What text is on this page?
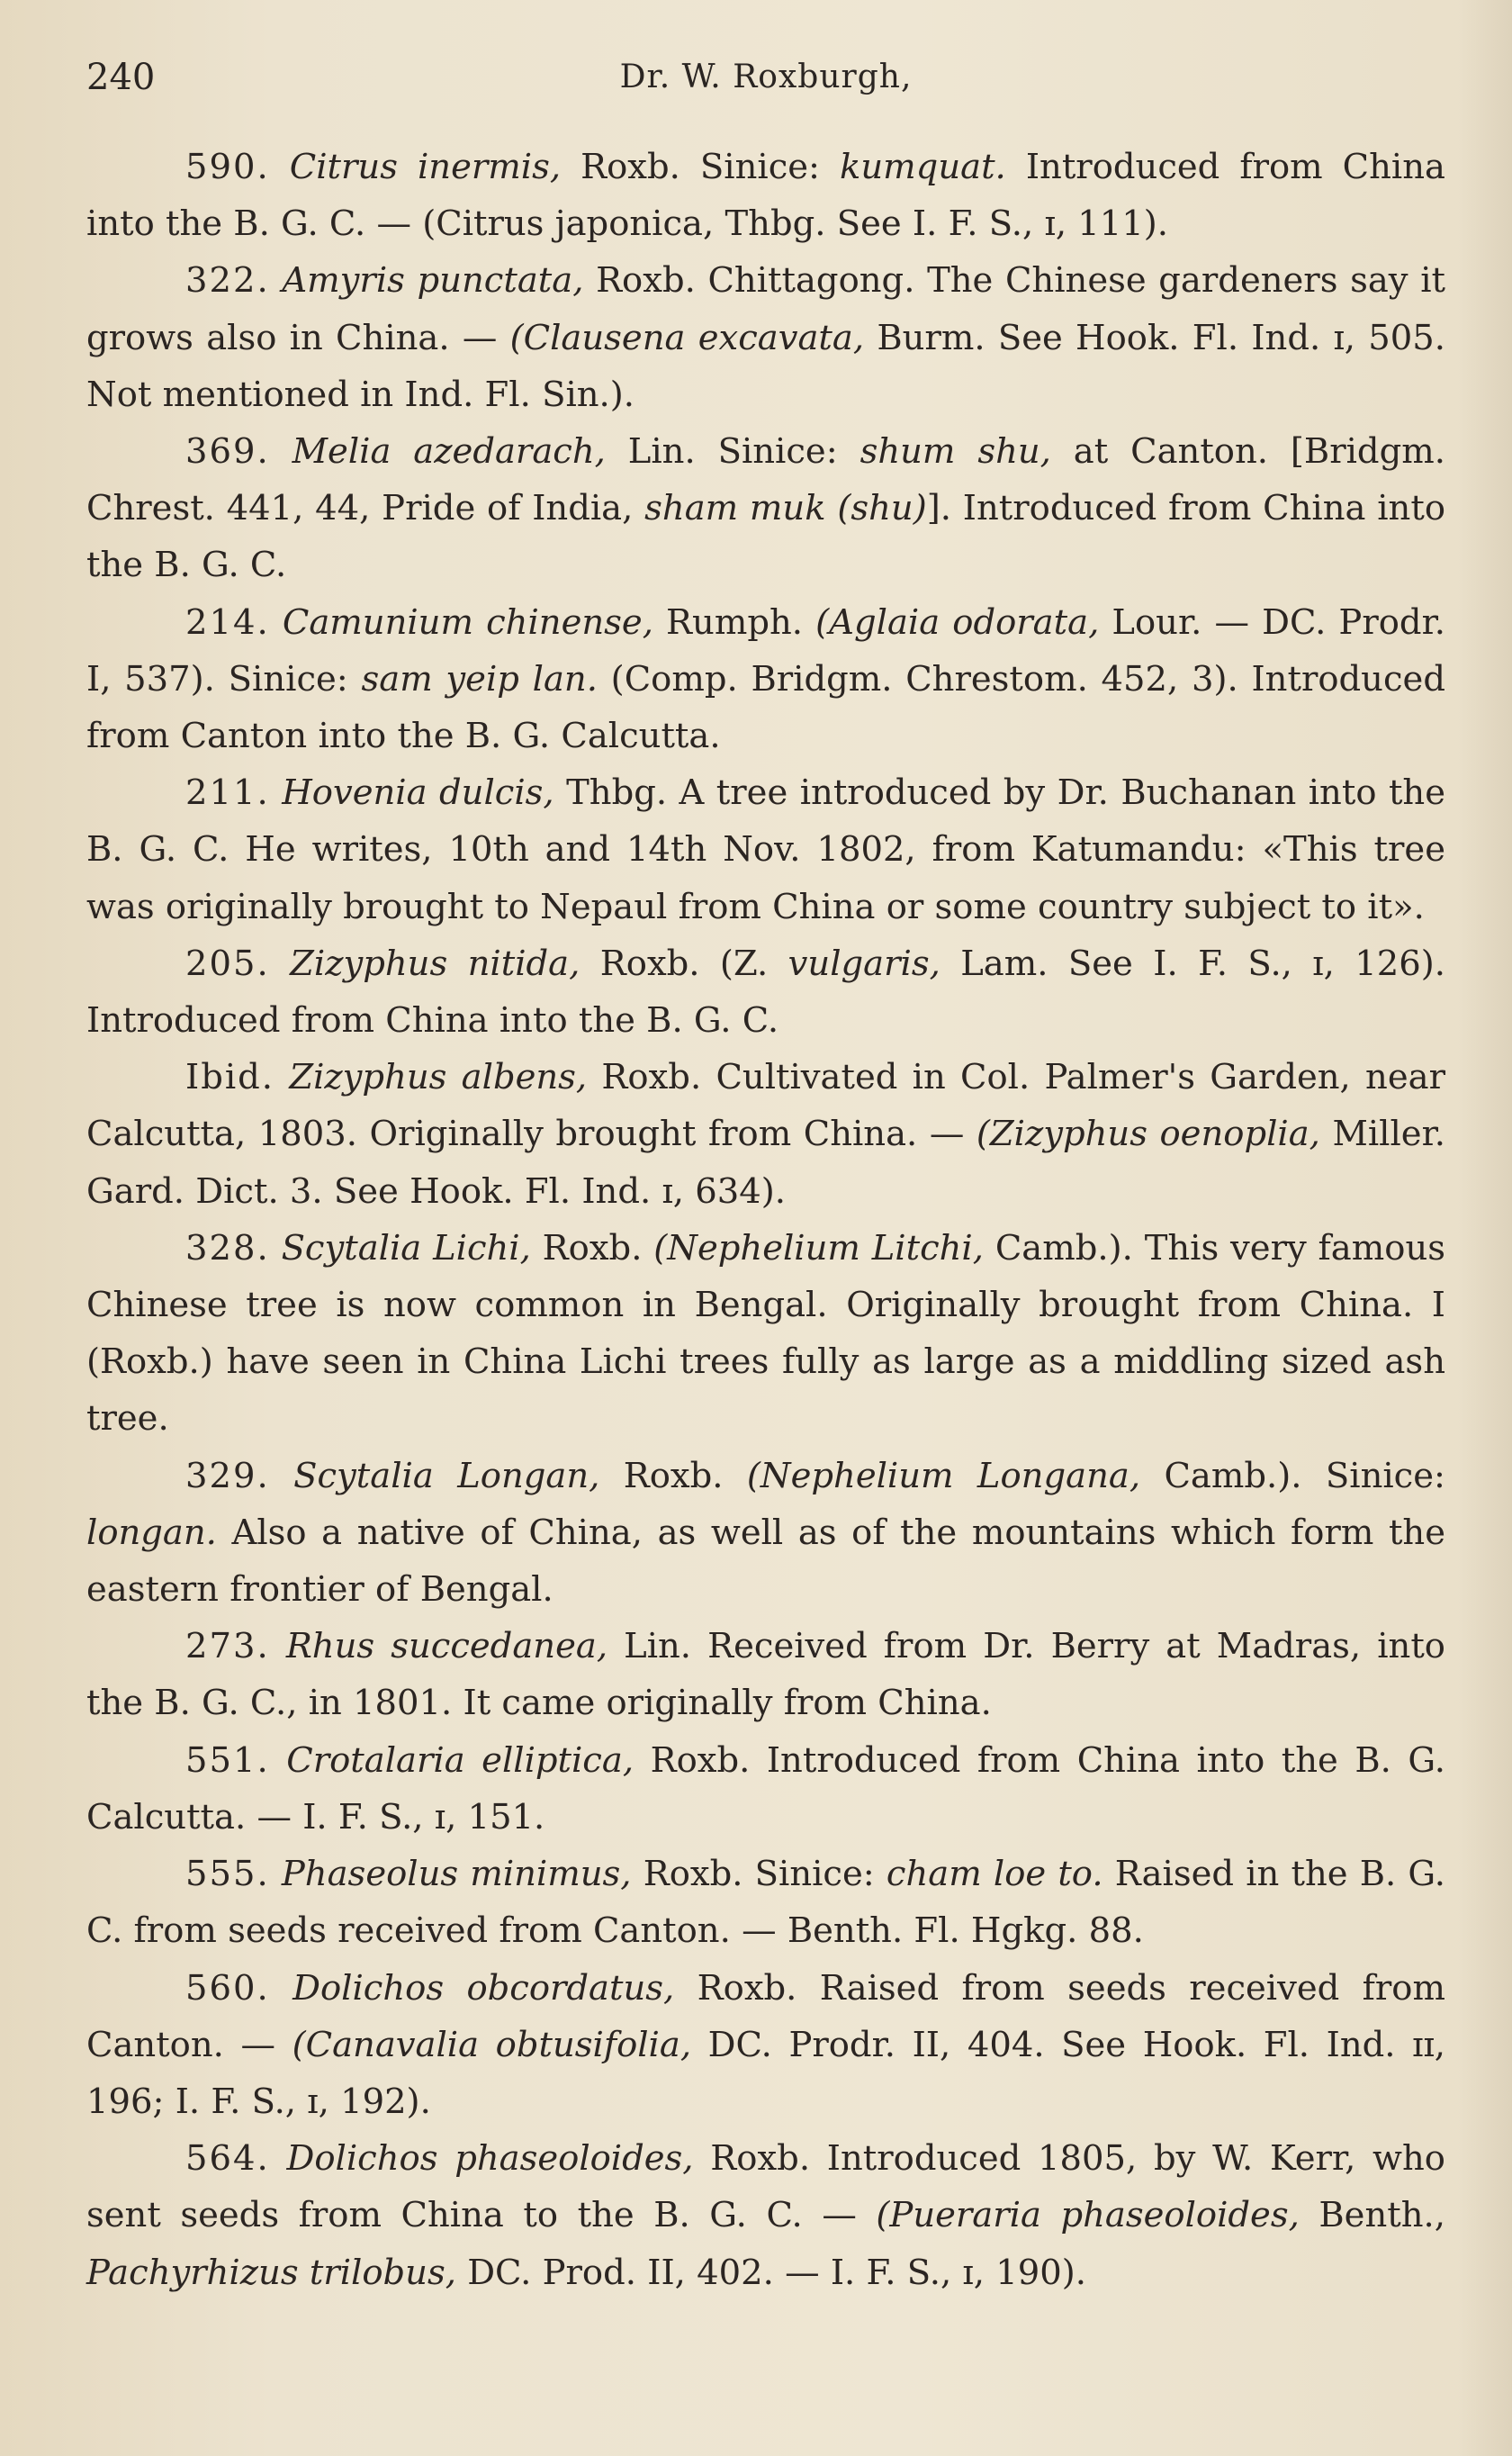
Dr. W. Roxburgh,
240

590. Citrus inermis, Roxb. Sinice: kumquat. Introduced from China into the B. G. C. — (Citrus japonica, Thbg. See I. F. S., ɪ, 111).

322. Amyris punctata, Roxb. Chittagong. The Chinese gardeners say it grows also in China. — (Clausena excavata, Burm. See Hook. Fl. Ind. ɪ, 505. Not mentioned in Ind. Fl. Sin.).

369. Melia azedarach, Lin. Sinice: shum shu, at Canton. [Bridgm. Chrest. 441, 44, Pride of India, sham muk (shu)]. Introduced from China into the B. G. C.

214. Camunium chinense, Rumph. (Aglaia odorata, Lour. — DC. Prodr. I, 537). Sinice: sam yeip lan. (Comp. Bridgm. Chrestom. 452, 3). Introduced from Canton into the B. G. Calcutta.

211. Hovenia dulcis, Thbg. A tree introduced by Dr. Buchanan into the B. G. C. He writes, 10th and 14th Nov. 1802, from Katumandu: «This tree was originally brought to Nepaul from China or some country subject to it».

205. Zizyphus nitida, Roxb. (Z. vulgaris, Lam. See I. F. S., ɪ, 126). Introduced from China into the B. G. C.

Ibid. Zizyphus albens, Roxb. Cultivated in Col. Palmer's Garden, near Calcutta, 1803. Originally brought from China. — (Zizyphus oenoplia, Miller. Gard. Dict. 3. See Hook. Fl. Ind. ɪ, 634).

328. Scytalia Lichi, Roxb. (Nephelium Litchi, Camb.). This very famous Chinese tree is now common in Bengal. Originally brought from China. I (Roxb.) have seen in China Lichi trees fully as large as a middling sized ash tree.

329. Scytalia Longan, Roxb. (Nephelium Longana, Camb.). Sinice: longan. Also a native of China, as well as of the mountains which form the eastern frontier of Bengal.

273. Rhus succedanea, Lin. Received from Dr. Berry at Madras, into the B. G. C., in 1801. It came originally from China.

551. Crotalaria elliptica, Roxb. Introduced from China into the B. G. Calcutta. — I. F. S., ɪ, 151.

555. Phaseolus minimus, Roxb. Sinice: cham loe to. Raised in the B. G. C. from seeds received from Canton. — Benth. Fl. Hgkg. 88.

560. Dolichos obcordatus, Roxb. Raised from seeds received from Canton. — (Canavalia obtusifolia, DC. Prodr. II, 404. See Hook. Fl. Ind. ɪɪ, 196; I. F. S., ɪ, 192).

564. Dolichos phaseoloides, Roxb. Introduced 1805, by W. Kerr, who sent seeds from China to the B. G. C. — (Pueraria phaseoloides, Benth., Pachyrhizus trilobus, DC. Prod. II, 402. — I. F. S., ɪ, 190).
